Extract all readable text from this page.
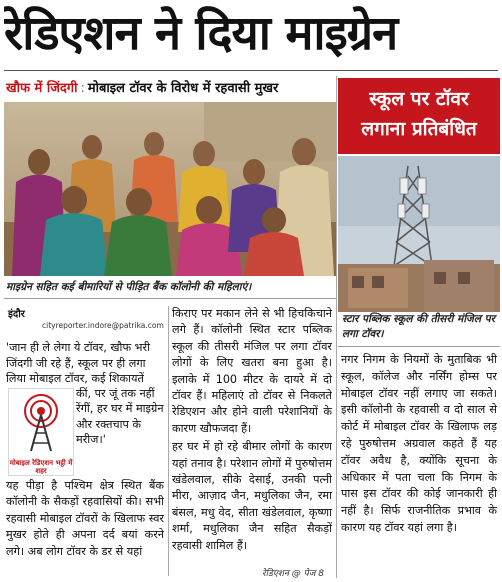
रेडिएशन ने दिया माइग्रेन
खौफ में जिंदगी : मोबाइल टॉवर के विरोध में रहवासी मुखर
माइग्रेन सहित कई बीमारियों से पीड़ित बैंक कॉलोनी की महिलाएं।
स्कूल पर टॉवर
लगाना प्रतिबंधित
स्टार पब्लिक स्कूल की तीसरी मंजिल पर लगा टॉवर।
नगर निगम के नियमों के मुताबिक भी स्कूल, कॉलेज और नर्सिंग होम्स पर मोबाइल टॉवर नहीं लगाए जा सकते। इसी कॉलोनी के रहवासी व दो साल से कोर्ट में मोबाइल टॉवर के खिलाफ लड़ रहे पुरुषोत्तम अग्रवाल कहते हैं यह टॉवर अवैध है, क्योंकि सूचना के अधिकार में पता चला कि निगम के पास इस टॉवर की कोई जानकारी ही नहीं है। सिर्फ राजनीतिक प्रभाव के कारण यह टॉवर यहां लगा है।
इंदौर
cityreporter.indore@patrika.com
'जान ही ले लेगा ये टॉवर, खौफ भरी जिंदगी जी रहे हैं, स्कूल पर ही लगा लिया मोबाइल टॉवर, कई शिकायतें
मोबाइल रेडिएशन भट्ठी में शहर
कीं, पर जूं तक नहीं रेंगीं, हर घर में माइग्रेन और रक्तचाप के मरीज।'
यह पीड़ा है पश्चिम क्षेत्र स्थित बैंक कॉलोनी के सैकड़ों रहवासियों की। सभी रहवासी मोबाइल टॉवरों के खिलाफ स्वर मुखर होते ही अपना दर्द बयां करने लगे। अब लोग टॉवर के डर से यहां
किराए पर मकान लेने से भी हिचकिचाने लगे हैं। कॉलोनी स्थित स्टार पब्लिक स्कूल की तीसरी मंजिल पर लगा टॉवर लोगों के लिए खतरा बना हुआ है। इलाके में 100 मीटर के दायरे में दो टॉवर हैं। महिलाएं तो टॉवर से निकलते रेडिएशन और होने वाली परेशानियों के कारण खौफजदा हैं।
हर घर में हो रहे बीमार लोगों के कारण यहां तनाव है। परेशान लोगों में पुरुषोत्तम खंडेलवाल, सीके देसाई, उनकी पत्नी मीरा, आज़ाद जैन, मधुलिका जैन, रमा बंसल, मधु वेद, सीता खंडेलवाल, कृष्णा शर्मा, मधुलिका जैन सहित सैकड़ों रहवासी शामिल हैं।
रेडिएशन @ पेज 8
